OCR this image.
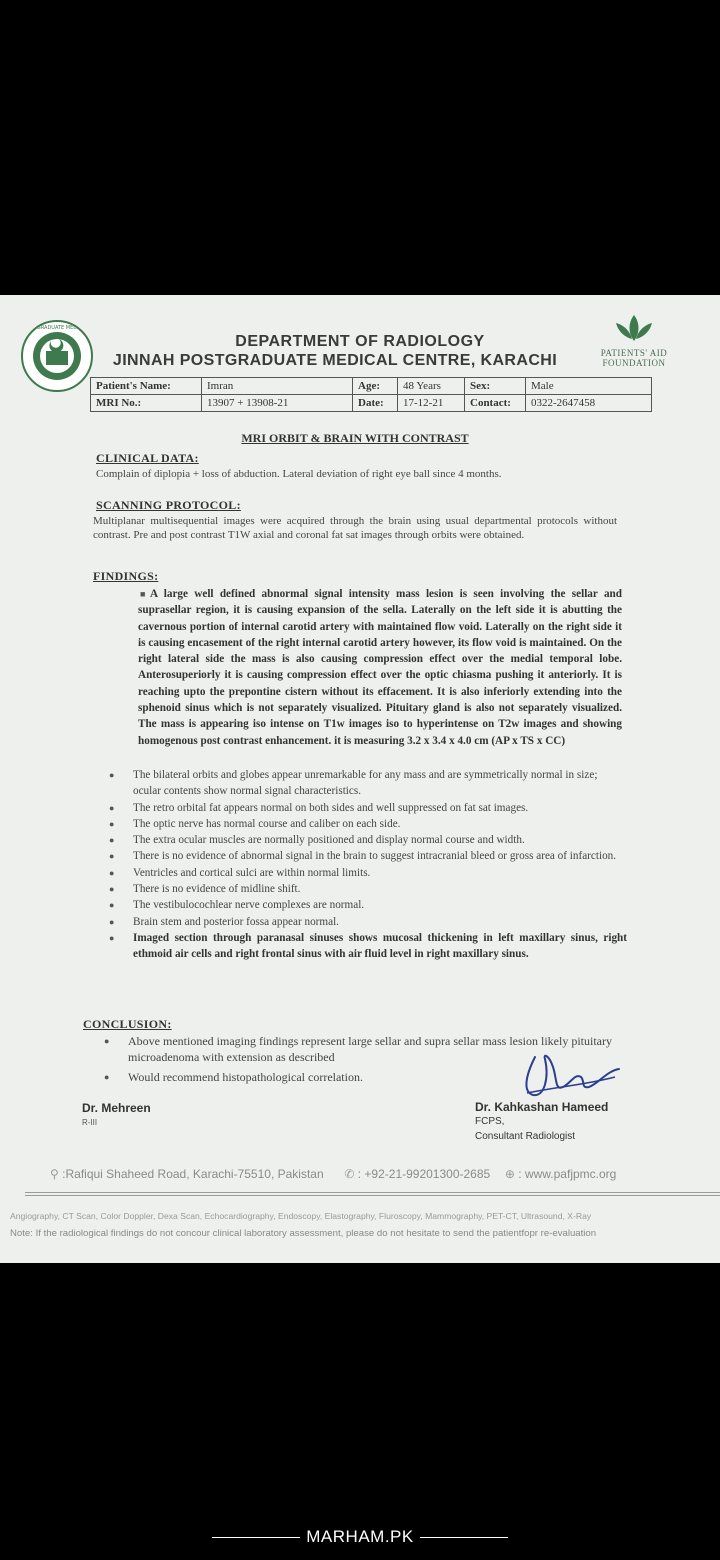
GRADUATE MED
DEPARTMENT OF RADIOLOGY
JINNAH POSTGRADUATE MEDICAL CENTRE, KARACHI	PATIENTS' AID FOUNDATION
Patient's Name:	Imran	Age:	48 Years	Sex:	Male
MRI No.:	13907 + 13908-21	Date:	17-12-21	Contact:	0322-2647458
MRI ORBIT & BRAIN WITH CONTRAST
CLINICAL DATA:
Complain of diplopia + loss of abduction. Lateral deviation of right eye ball since 4 months.
SCANNING PROTOCOL:
Multiplanar multisequential images were acquired through the brain using usual departmental protocols without contrast. Pre and post contrast T1W axial and coronal fat sat images through orbits were obtained.
FINDINGS:
■ A large well defined abnormal signal intensity mass lesion is seen involving the sellar and suprasellar region, it is causing expansion of the sella. Laterally on the left side it is abutting the cavernous portion of internal carotid artery with maintained flow void. Laterally on the right side it is causing encasement of the right internal carotid artery however, its flow void is maintained. On the right lateral side the mass is also causing compression effect over the medial temporal lobe. Anterosuperiorly it is causing compression effect over the optic chiasma pushing it anteriorly. It is reaching upto the prepontine cistern without its effacement. It is also inferiorly extending into the sphenoid sinus which is not separately visualized. Pituitary gland is also not separately visualized. The mass is appearing iso intense on T1w images iso to hyperintense on T2w images and showing homogenous post contrast enhancement. it is measuring 3.2 x 3.4 x 4.0 cm (AP x TS x CC)
● The bilateral orbits and globes appear unremarkable for any mass and are symmetrically normal in size; ocular contents show normal signal characteristics.
● The retro orbital fat appears normal on both sides and well suppressed on fat sat images.
● The optic nerve has normal course and caliber on each side.
● The extra ocular muscles are normally positioned and display normal course and width.
● There is no evidence of abnormal signal in the brain to suggest intracranial bleed or gross area of infarction.
● Ventricles and cortical sulci are within normal limits.
● There is no evidence of midline shift.
● The vestibulocochlear nerve complexes are normal.
● Brain stem and posterior fossa appear normal.
● Imaged section through paranasal sinuses shows mucosal thickening in left maxillary sinus, right ethmoid air cells and right frontal sinus with air fluid level in right maxillary sinus.
CONCLUSION:
● Above mentioned imaging findings represent large sellar and supra sellar mass lesion likely pituitary microadenoma with extension as described
● Would recommend histopathological correlation.
Dr. Mehreen
R-III
Dr. Kahkashan Hameed
FCPS,
Consultant Radiologist
⚲ :Rafiqui Shaheed Road, Karachi-75510, Pakistan ✆ : +92-21-99201300-2685 ⊕ : www.pafjpmc.org
Angiography, CT Scan, Color Doppler, Dexa Scan, Echocardiography, Endoscopy, Elastography, Fluroscopy, Mammography, PET-CT, Ultrasound, X-Ray
Note: If the radiological findings do not concour clinical laboratory assessment, please do not hesitate to send the patientfopr re-evaluation
MARHAM.PK
